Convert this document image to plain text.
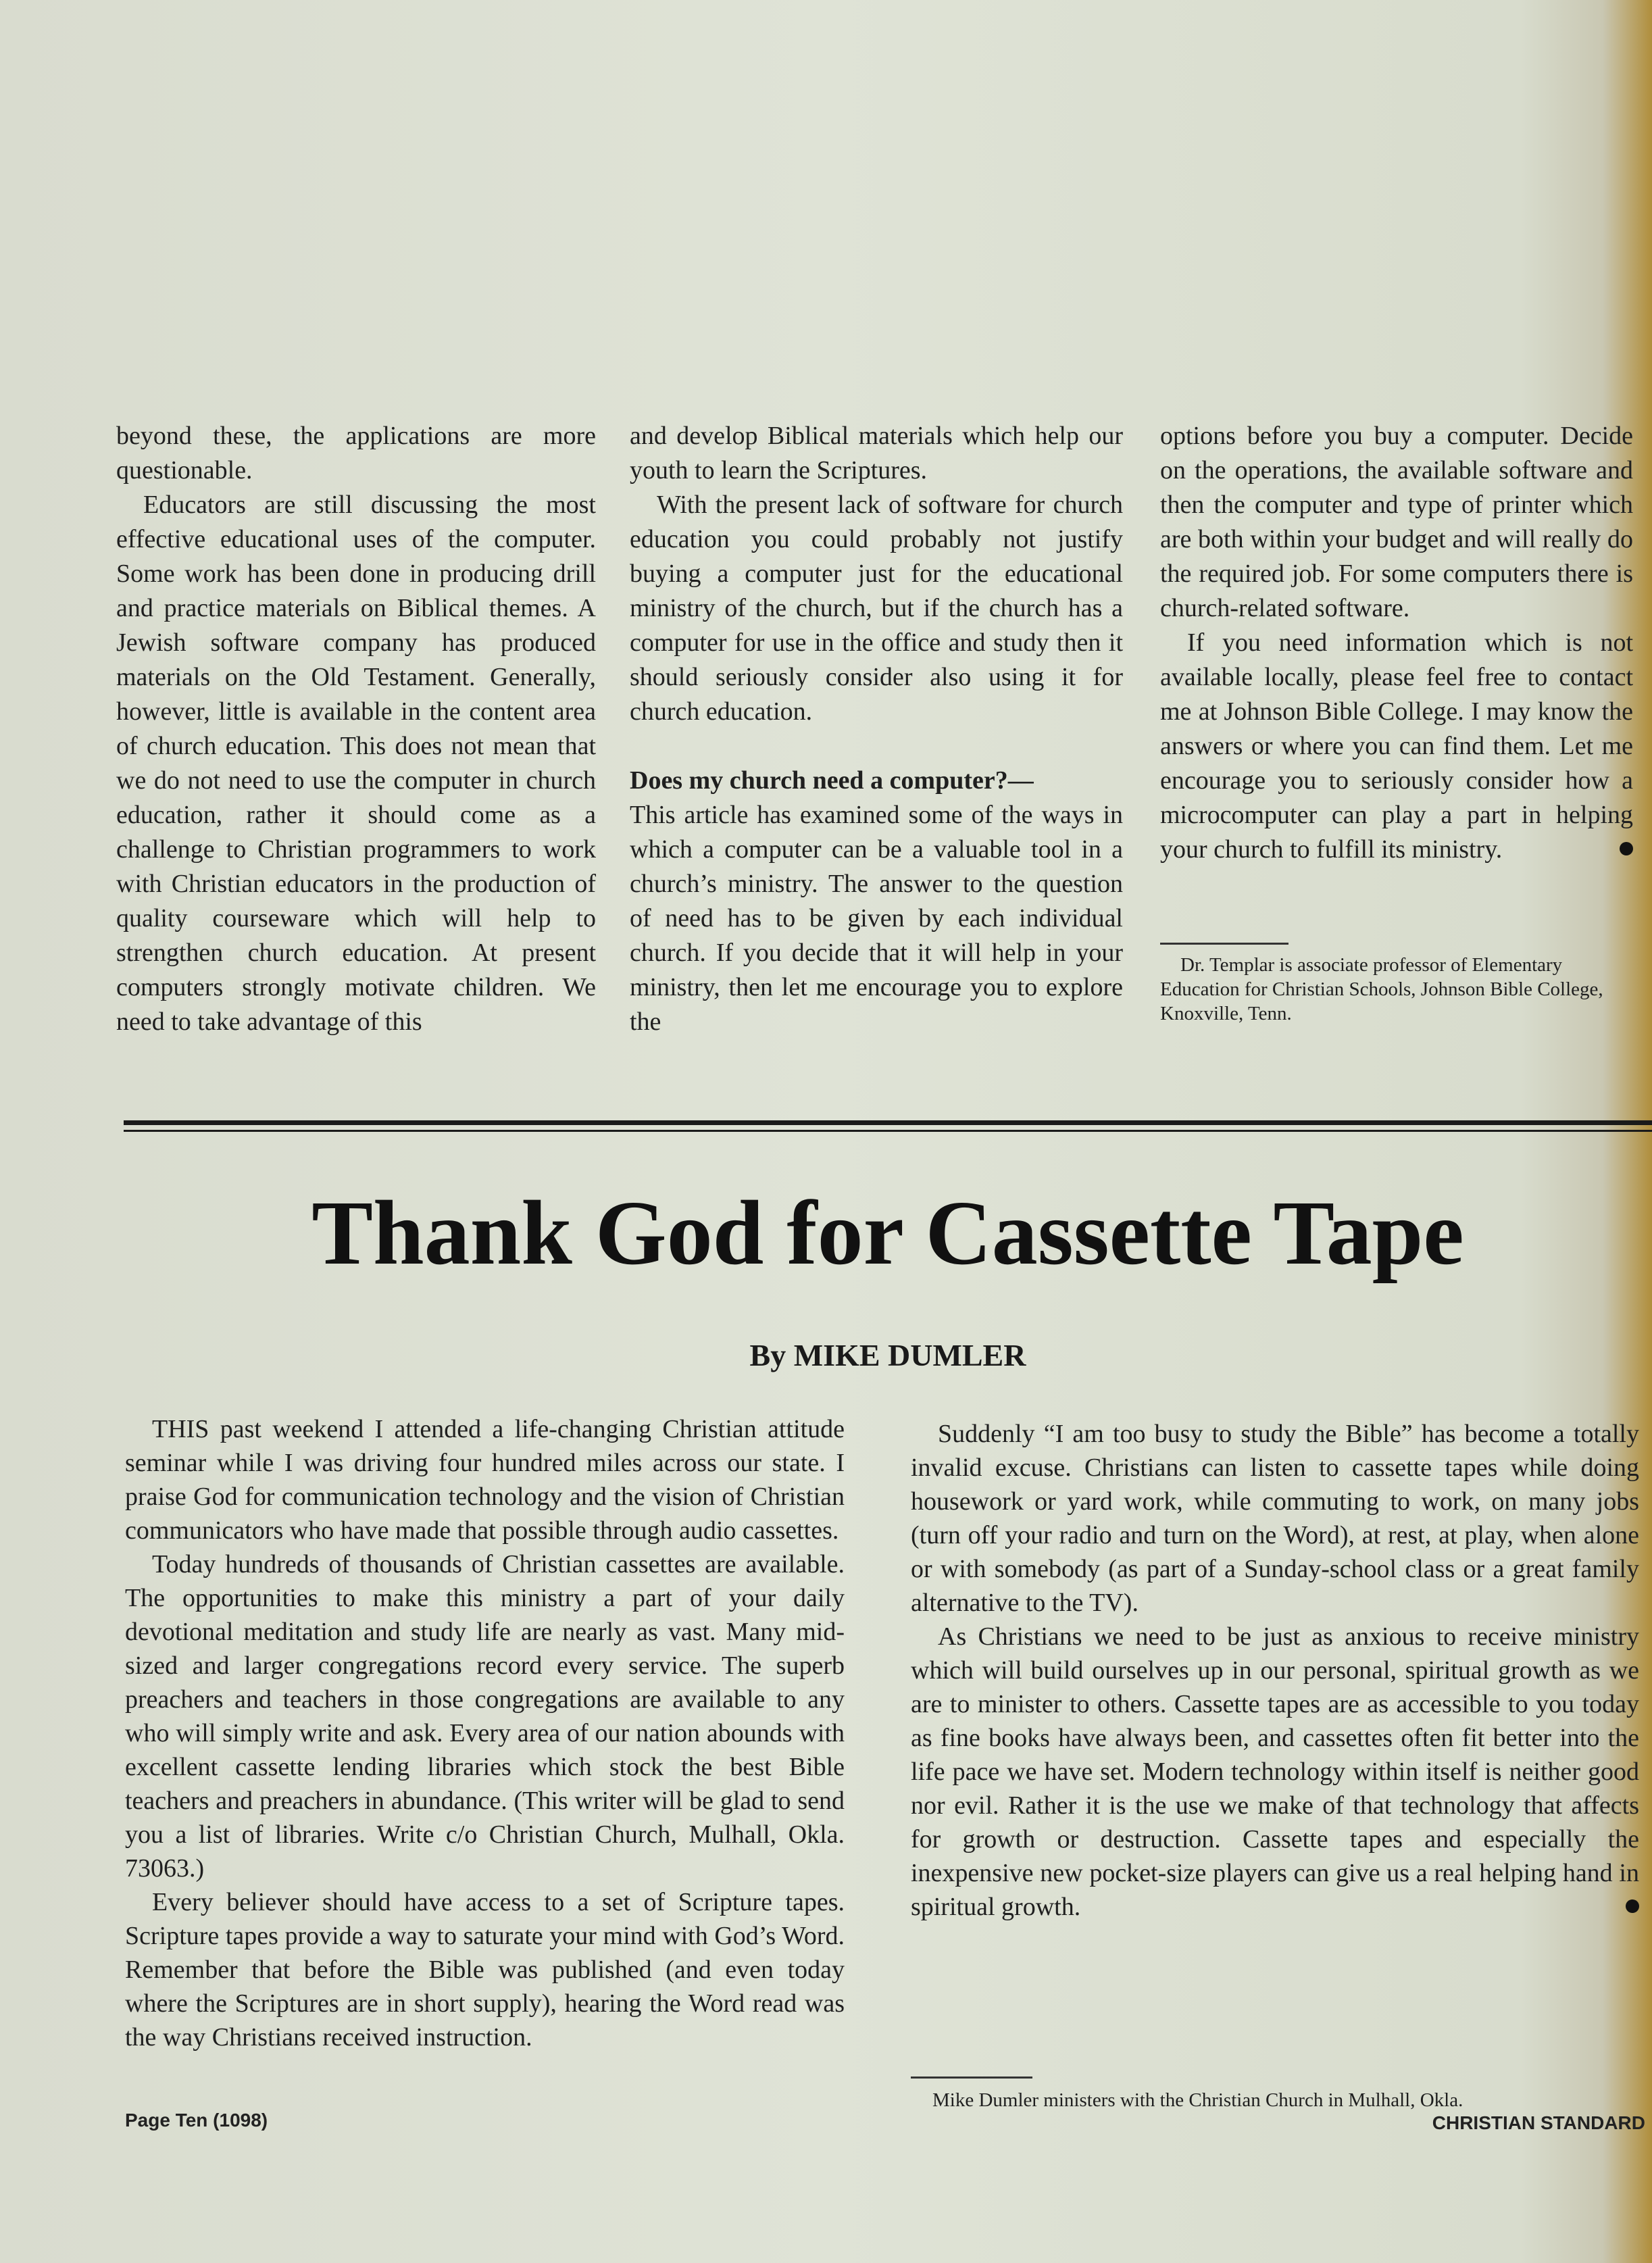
beyond these, the applications are more questionable.

Educators are still discussing the most effective educational uses of the computer. Some work has been done in producing drill and practice materials on Biblical themes. A Jewish software company has produced materials on the Old Testament. Generally, however, little is available in the content area of church education. This does not mean that we do not need to use the computer in church education, rather it should come as a challenge to Christian programmers to work with Christian educators in the production of quality courseware which will help to strengthen church education. At present computers strongly motivate children. We need to take advantage of this

and develop Biblical materials which help our youth to learn the Scriptures.

With the present lack of software for church education you could probably not justify buying a computer just for the educational ministry of the church, but if the church has a computer for use in the office and study then it should seriously consider also using it for church education.

Does my church need a computer?—

This article has examined some of the ways in which a computer can be a valuable tool in a church’s ministry. The answer to the question of need has to be given by each individual church. If you decide that it will help in your ministry, then let me encourage you to explore the

options before you buy a computer. Decide on the operations, the available software and then the computer and type of printer which are both within your budget and will really do the required job. For some computers there is church-related software.

If you need information which is not available locally, please feel free to contact me at Johnson Bible College. I may know the answers or where you can find them. Let me encourage you to seriously consider how a microcomputer can play a part in helping your church to fulfill its ministry.

Dr. Templar is associate professor of Elementary Education for Christian Schools, Johnson Bible College, Knoxville, Tenn.
Thank God for Cassette Tape
By MIKE DUMLER

THIS past weekend I attended a life-changing Christian attitude seminar while I was driving four hundred miles across our state. I praise God for communication technology and the vision of Christian communicators who have made that possible through audio cassettes.

Today hundreds of thousands of Christian cassettes are available. The opportunities to make this ministry a part of your daily devotional meditation and study life are nearly as vast. Many mid-sized and larger congregations record every service. The superb preachers and teachers in those congregations are available to any who will simply write and ask. Every area of our nation abounds with excellent cassette lending libraries which stock the best Bible teachers and preachers in abundance. (This writer will be glad to send you a list of libraries. Write c/o Christian Church, Mulhall, Okla. 73063.)

Every believer should have access to a set of Scripture tapes. Scripture tapes provide a way to saturate your mind with God’s Word. Remember that before the Bible was published (and even today where the Scriptures are in short supply), hearing the Word read was the way Christians received instruction.

Suddenly “I am too busy to study the Bible” has become a totally invalid excuse. Christians can listen to cassette tapes while doing housework or yard work, while commuting to work, on many jobs (turn off your radio and turn on the Word), at rest, at play, when alone or with somebody (as part of a Sunday-school class or a great family alternative to the TV).

As Christians we need to be just as anxious to receive ministry which will build ourselves up in our personal, spiritual growth as we are to minister to others. Cassette tapes are as accessible to you today as fine books have always been, and cassettes often fit better into the life pace we have set. Modern technology within itself is neither good nor evil. Rather it is the use we make of that technology that affects for growth or destruction. Cassette tapes and especially the inexpensive new pocket-size players can give us a real helping hand in spiritual growth.

Mike Dumler ministers with the Christian Church in Mulhall, Okla.
Page Ten (1098)	CHRISTIAN STANDARD
